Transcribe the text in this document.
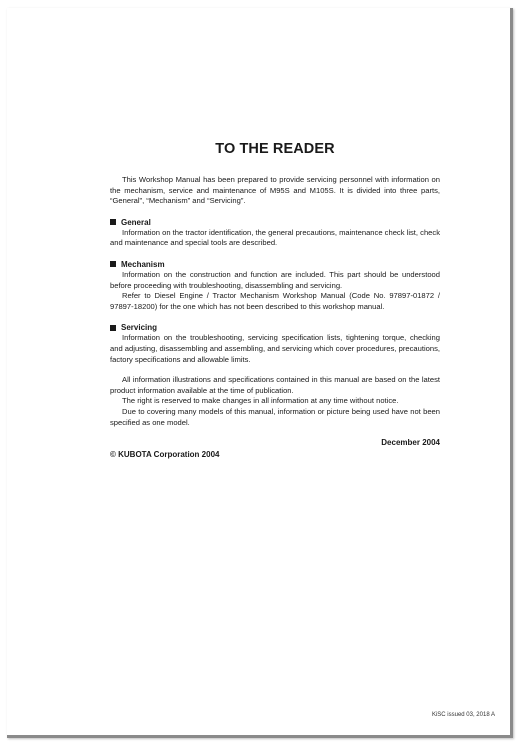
TO THE READER

This Workshop Manual has been prepared to provide servicing personnel with information on the mechanism, service and maintenance of M95S and M105S. It is divided into three parts, “General”, “Mechanism” and “Servicing”.

General

Information on the tractor identification, the general precautions, maintenance check list, check and maintenance and special tools are described.

Mechanism

Information on the construction and function are included. This part should be understood before proceeding with troubleshooting, disassembling and servicing.

Refer to Diesel Engine / Tractor Mechanism Workshop Manual (Code No. 97897-01872 / 97897-18200) for the one which has not been described to this workshop manual.

Servicing

Information on the troubleshooting, servicing specification lists, tightening torque, checking and adjusting, disassembling and assembling, and servicing which cover procedures, precautions, factory specifications and allowable limits.

All information illustrations and specifications contained in this manual are based on the latest product information available at the time of publication.

The right is reserved to make changes in all information at any time without notice.

Due to covering many models of this manual, information or picture being used have not been specified as one model.

December 2004
© KUBOTA Corporation 2004
KiSC issued 03, 2018 A
